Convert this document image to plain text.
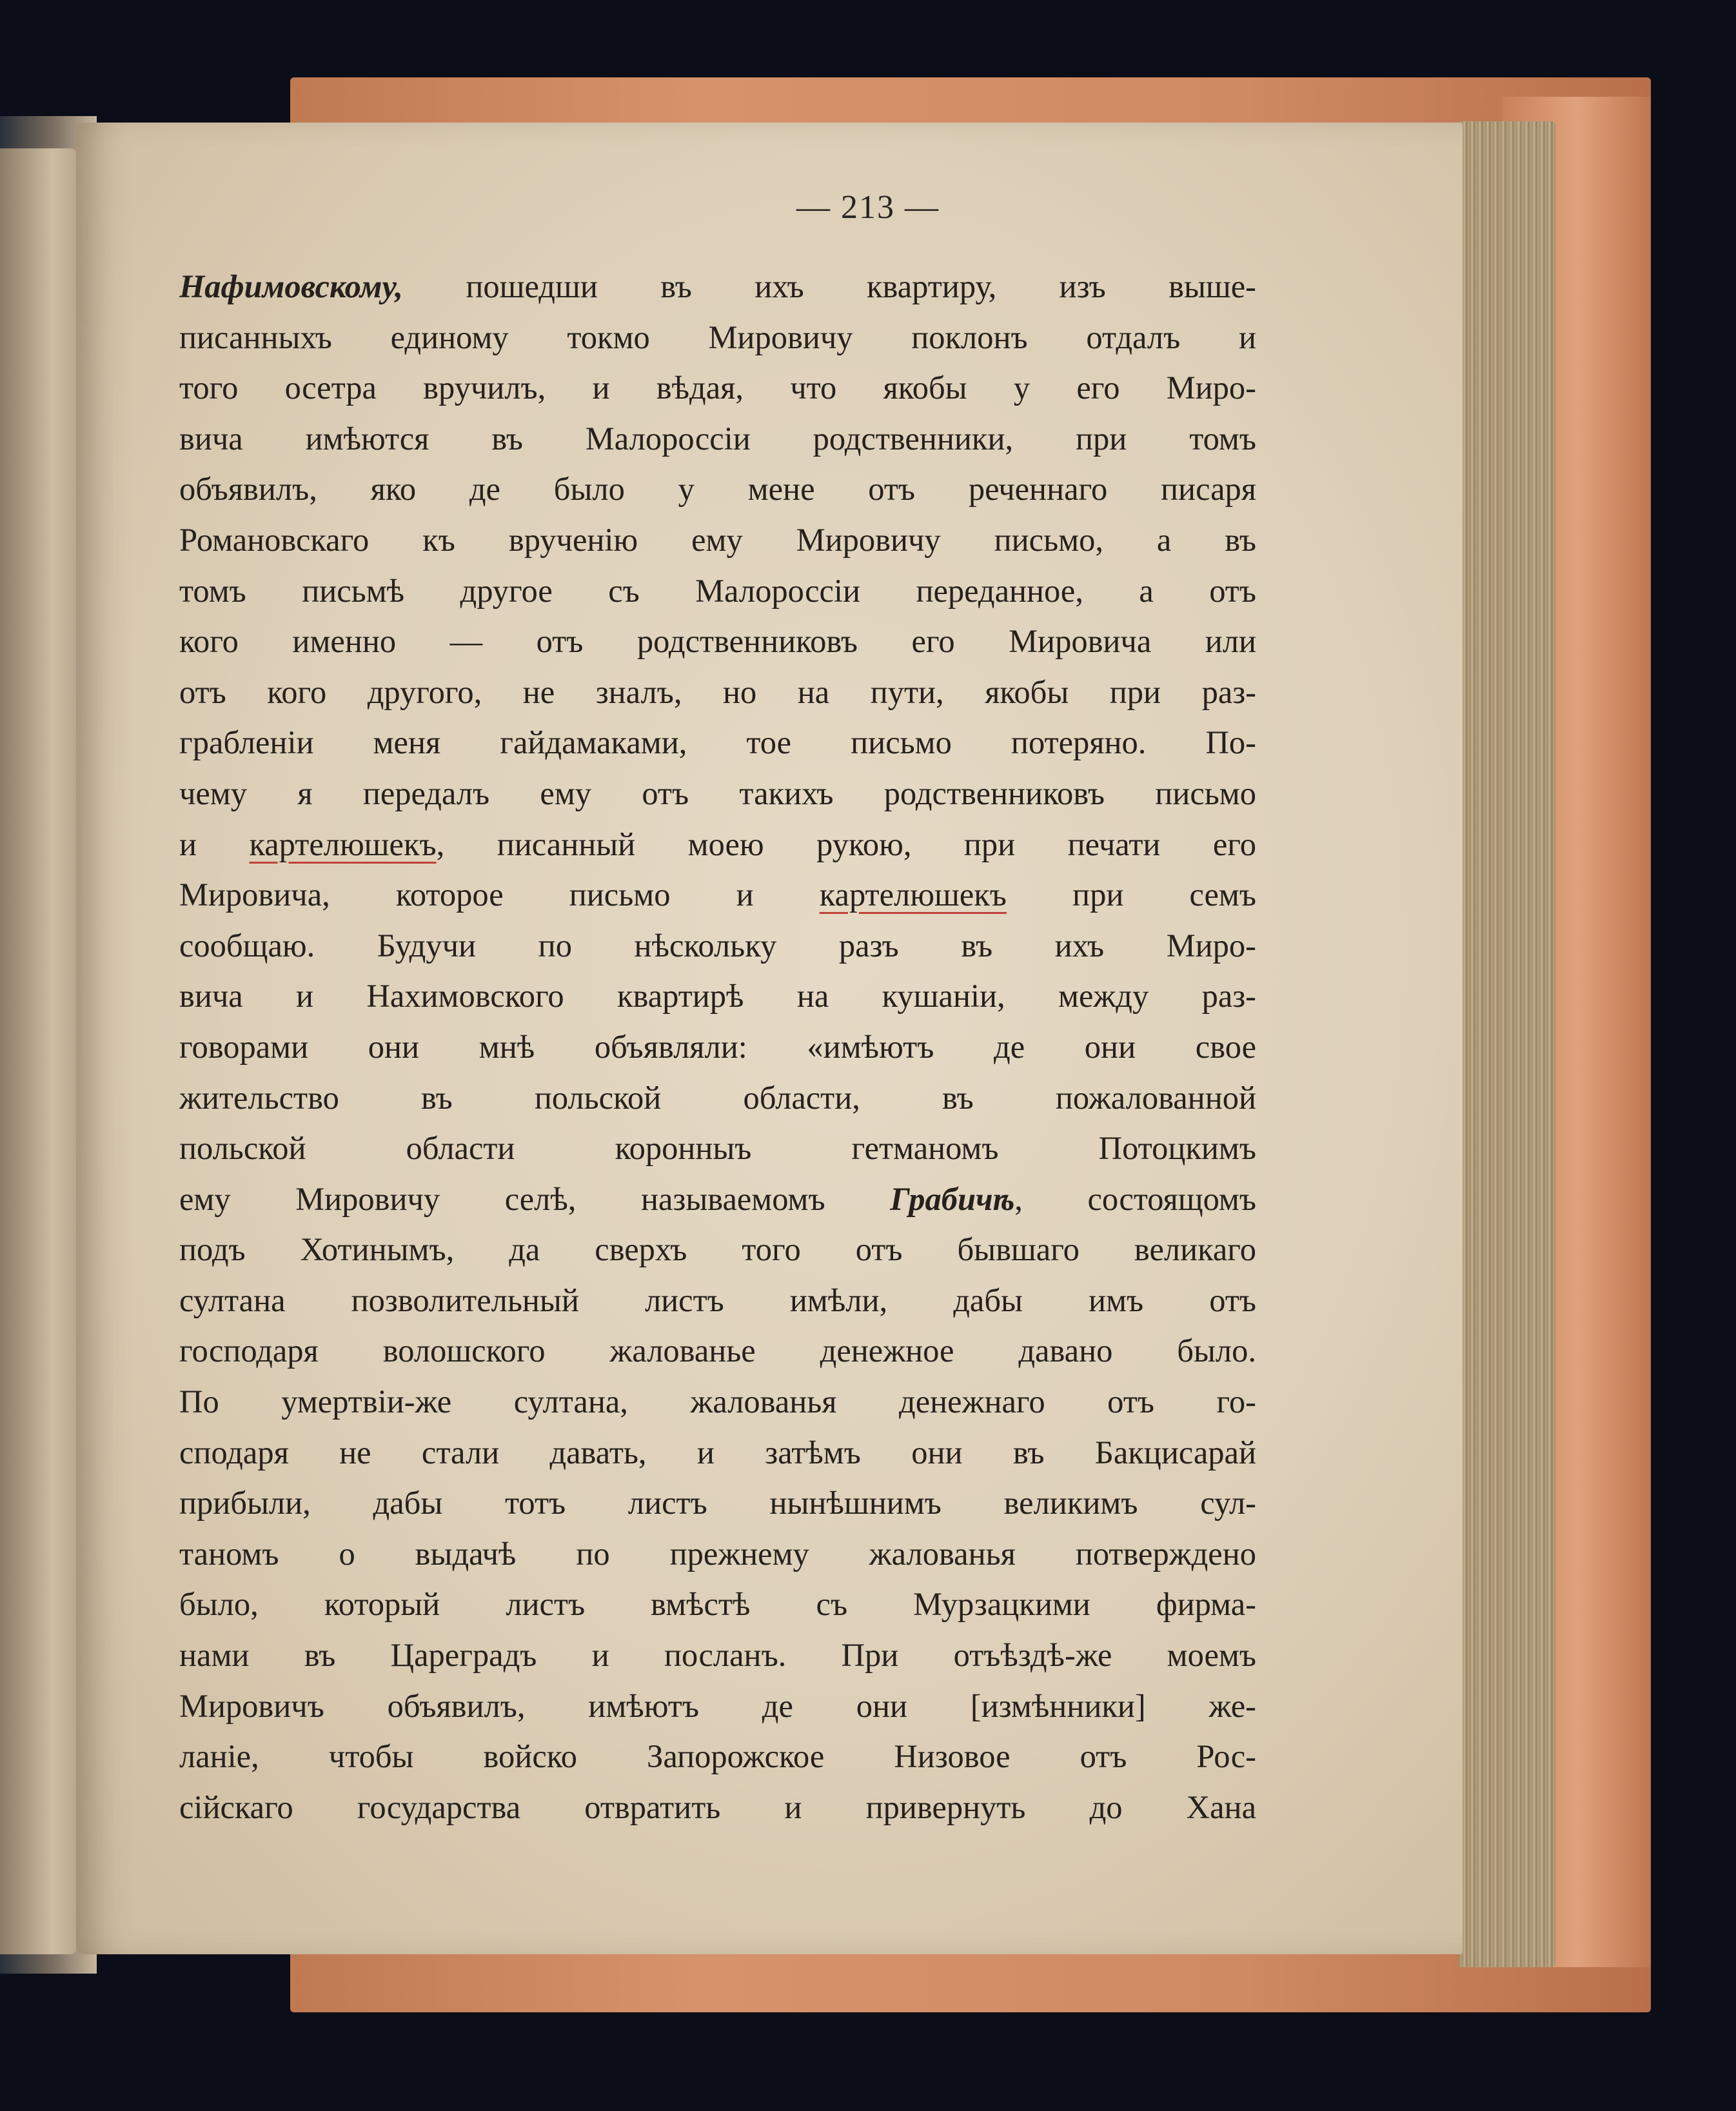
— 213 —
Нафимовскому, пошедши въ ихъ квартиру, изъ выше-
писанныхъ единому токмо Мировичу поклонъ отдалъ и
того осетра вручилъ, и вѣдая, что якобы у его Миро-
вича имѣются въ Малороссіи родственники, при томъ
объявилъ, яко де было у мене отъ реченнаго писаря
Романовскаго къ врученію ему Мировичу письмо, а въ
томъ письмѣ другое съ Малороссіи переданное, а отъ
кого именно — отъ родственниковъ его Мировича или
отъ кого другого, не зналъ, но на пути, якобы при раз-
грабленіи меня гайдамаками, тое письмо потеряно. По-
чему я передалъ ему отъ такихъ родственниковъ письмо
и картелюшекъ, писанный моею рукою, при печати его
Мировича, которое письмо и картелюшекъ при семъ
сообщаю. Будучи по нѣскольку разъ въ ихъ Миро-
вича и Нахимовского квартирѣ на кушаніи, между раз-
говорами они мнѣ объявляли: «имѣютъ де они свое
жительство въ польской области, въ пожалованной
польской области коронныъ гетманомъ Потоцкимъ
ему Мировичу селѣ, называемомъ Грабичѣ, состоящомъ
подъ Хотинымъ, да сверхъ того отъ бывшаго великаго
султана позволительный листъ имѣли, дабы имъ отъ
господаря волошского жалованье денежное давано было.
По умертвіи-же султана, жалованья денежнаго отъ го-
сподаря не стали давать, и затѣмъ они въ Бакцисарай
прибыли, дабы тотъ листъ нынѣшнимъ великимъ сул-
таномъ о выдачѣ по прежнему жалованья потверждено
было, который листъ вмѣстѣ съ Мурзацкими фирма-
нами въ Цареградъ и посланъ. При отъѣздѣ-же моемъ
Мировичъ объявилъ, имѣютъ де они [измѣнники] же-
ланіе, чтобы войско Запорожское Низовое отъ Рос-
сійскаго государства отвратить и привернуть до Хана
